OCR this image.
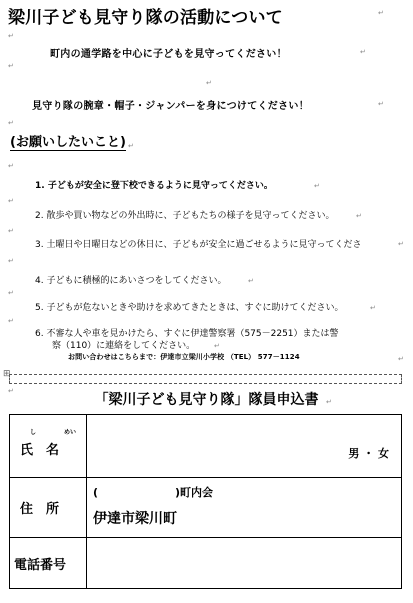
↵
↵
↵
↵
↵
↵
↵
↵
↵
↵
↵
↵
↵
↵
↵
↵
↵
↵
↵
↵
↵
⊞
↵
↵
梁川子ども見守り隊の活動について
町内の通学路を中心に子どもを見守ってください！
見守り隊の腕章・帽子・ジャンパーを身につけてください！
(お願いしたいこと)
1. 子どもが安全に登下校できるように見守ってください。
2. 散歩や買い物などの外出時に、子どもたちの様子を見守ってください。
3. 土曜日や日曜日などの休日に、子どもが安全に過ごせるように見守ってくださ
4. 子どもに積極的にあいさつをしてください。
5. 子どもが危ないときや助けを求めてきたときは、すぐに助けてください。
6. 不審な人や車を見かけたら、すぐに伊達警察署（575－2251）または警
察（110）に連絡をしてください。
お問い合わせはこちらまで：伊達市立梁川小学校 （TEL） 577－1124
「梁川子ども見守り隊」隊員申込書
し めい
氏　名	男 ・ 女

住　所	(　　　　　　　)町内会
伊達市梁川町

電話番号	
